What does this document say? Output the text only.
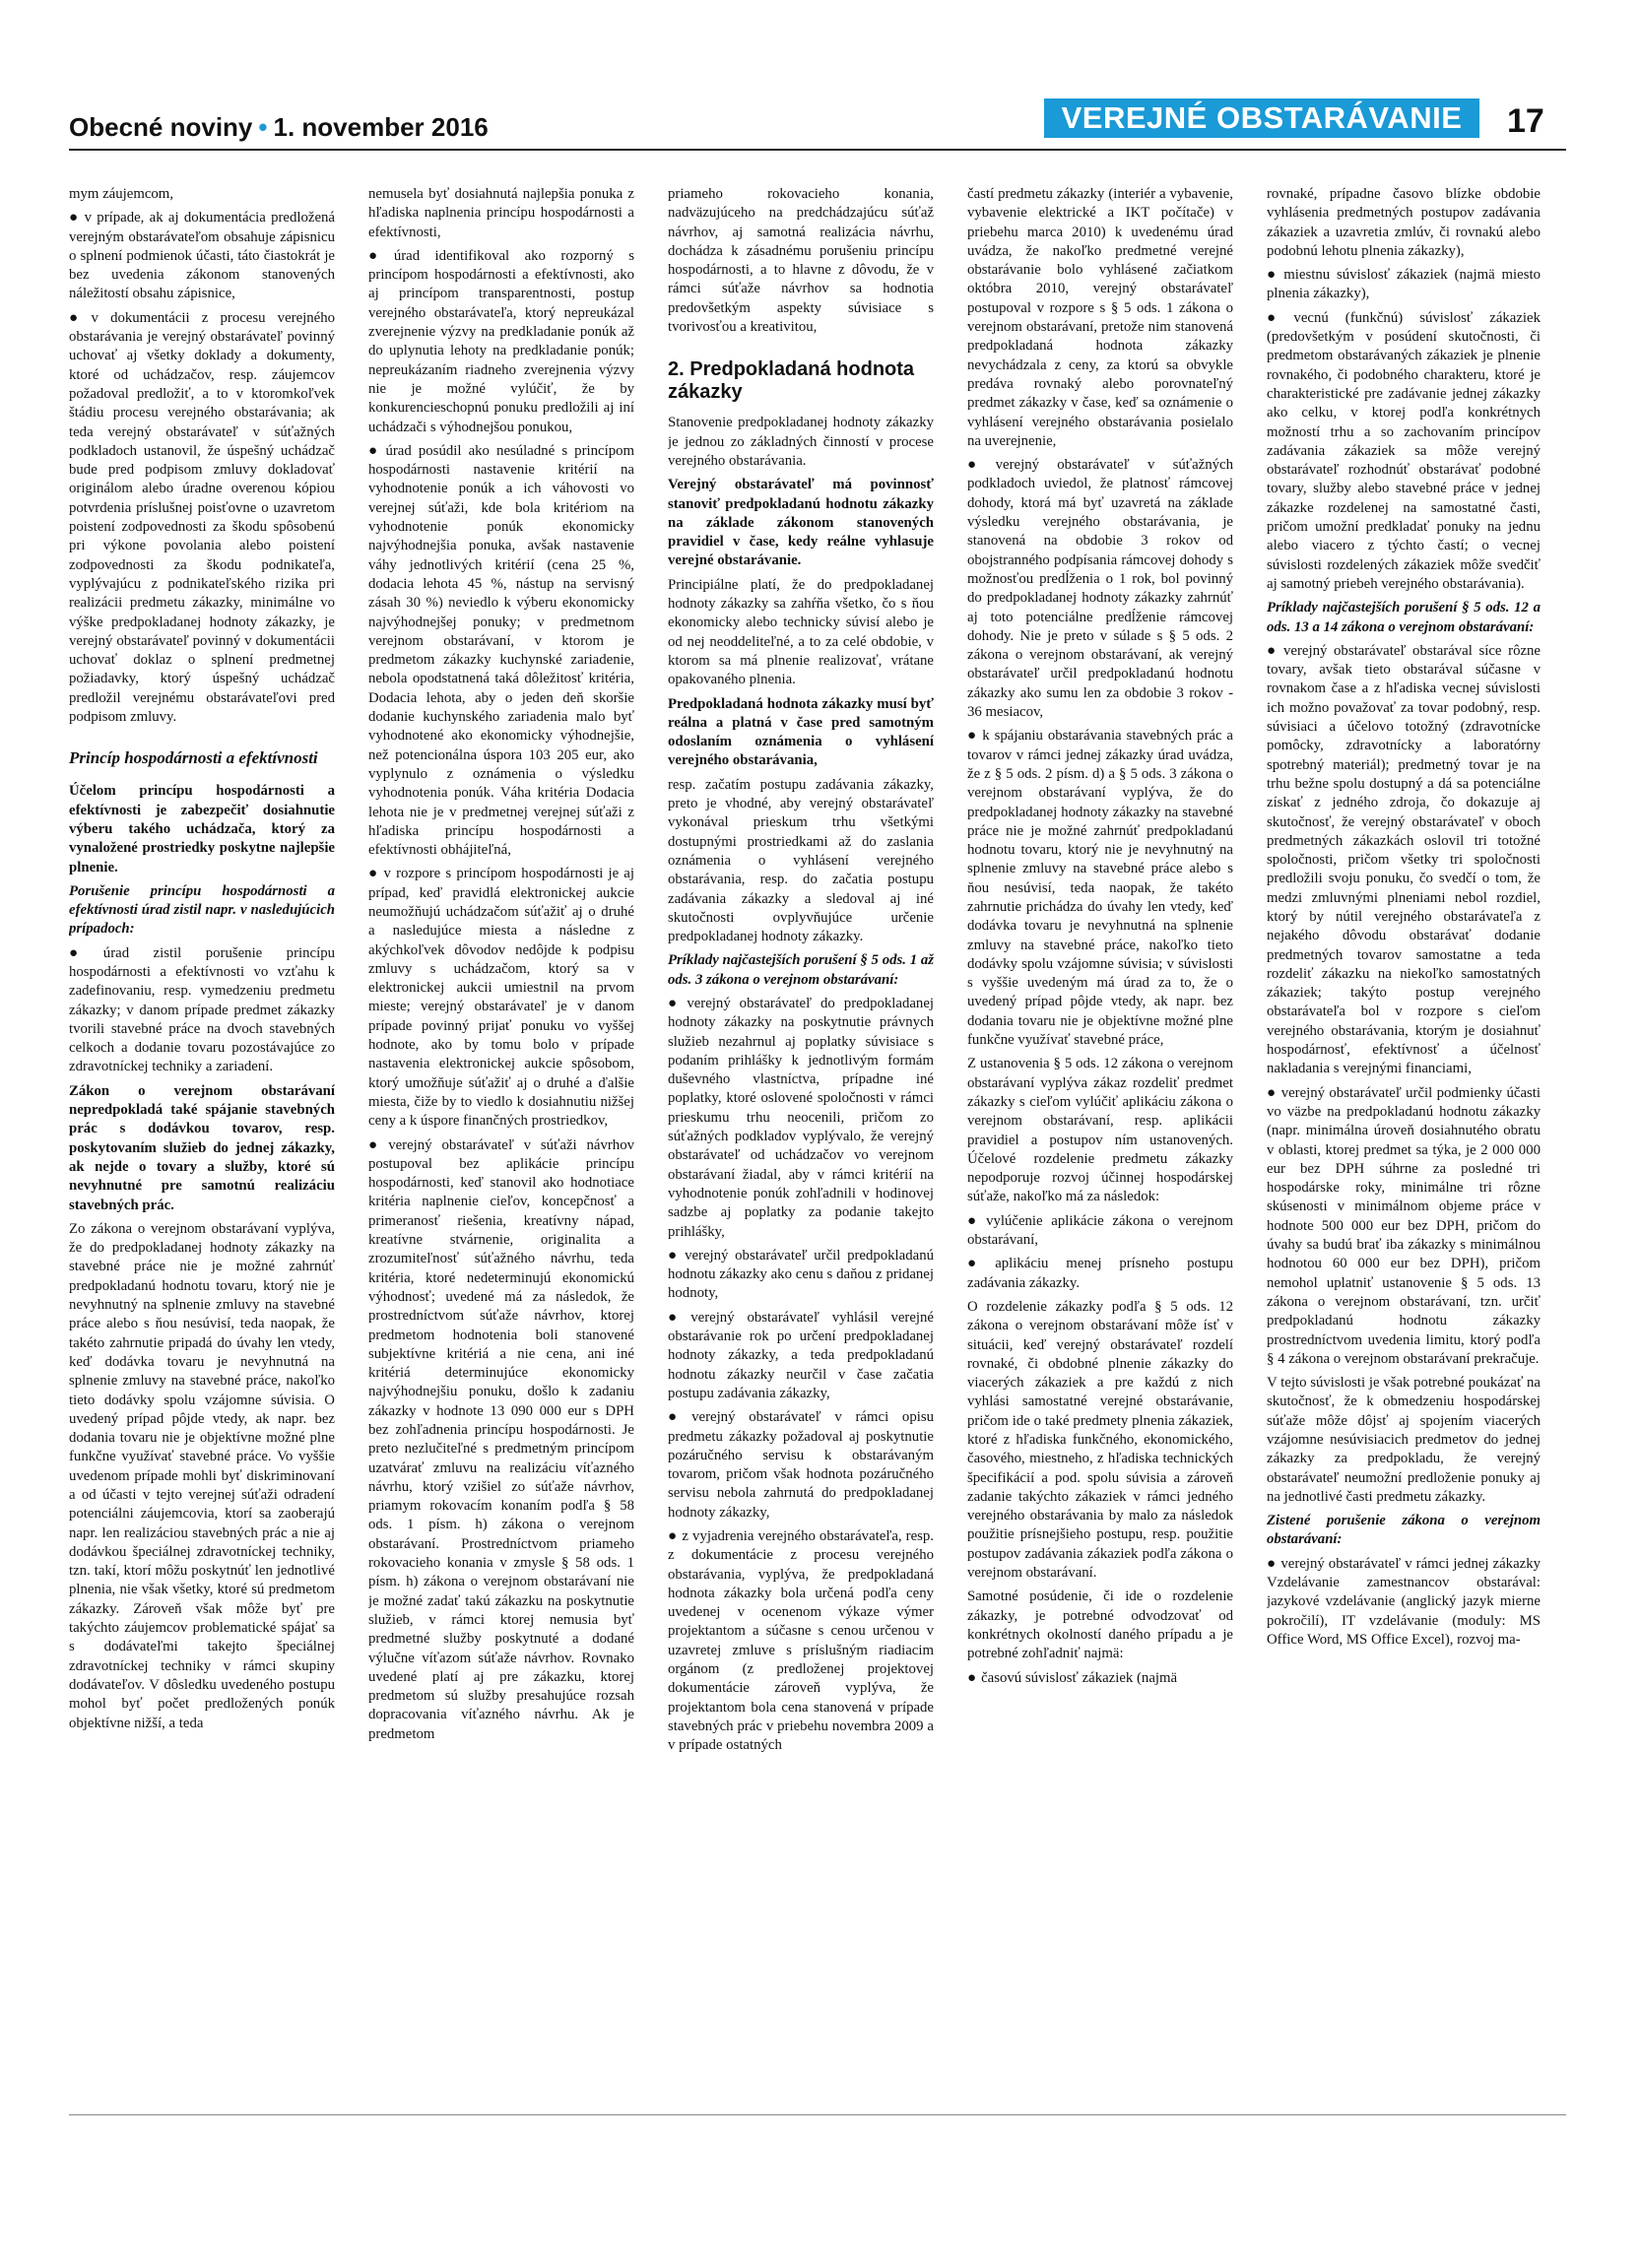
Obecné noviny • 1. november 2016	VEREJNÉ OBSTARÁVANIE	17

mym záujemcom,

● v prípade, ak aj dokumentácia predložená verejným obstarávateľom obsahuje zápisnicu o splnení podmienok účasti, táto čiastokrát je bez uvedenia zákonom stanovených náležitostí obsahu zápisnice,

● v dokumentácii z procesu verejného obstarávania je verejný obstarávateľ povinný uchovať aj všetky doklady a dokumenty, ktoré od uchádzačov, resp. záujemcov požadoval predložiť, a to v ktoromkoľvek štádiu procesu verejného obstarávania; ak teda verejný obstarávateľ v súťažných podkladoch ustanovil, že úspešný uchádzač bude pred podpisom zmluvy dokladovať originálom alebo úradne overenou kópiou potvrdenia príslušnej poisťovne o uzavretom poistení zodpovednosti za škodu spôsobenú pri výkone povolania alebo poistení zodpovednosti za škodu podnikateľa, vyplývajúcu z podnikateľského rizika pri realizácii predmetu zákazky, minimálne vo výške predpokladanej hodnoty zákazky, je verejný obstarávateľ povinný v dokumentácii uchovať doklaz o splnení predmetnej požiadavky, ktorý úspešný uchádzač predložil verejnému obstarávateľovi pred podpisom zmluvy.

Princíp hospodárnosti a efektívnosti

Účelom princípu hospodárnosti a efektívnosti je zabezpečiť dosiahnutie výberu takého uchádzača, ktorý za vynaložené prostriedky poskytne najlepšie plnenie.

Porušenie princípu hospodárnosti a efektívnosti úrad zistil napr. v nasledujúcich prípadoch:

● úrad zistil porušenie princípu hospodárnosti a efektívnosti vo vzťahu k zadefinovaniu, resp. vymedzeniu predmetu zákazky; v danom prípade predmet zákazky tvorili stavebné práce na dvoch stavebných celkoch a dodanie tovaru pozostávajúce zo zdravotníckej techniky a zariadení.

Zákon o verejnom obstarávaní nepredpokladá také spájanie stavebných prác s dodávkou tovarov, resp. poskytovaním služieb do jednej zákazky, ak nejde o tovary a služby, ktoré sú nevyhnutné pre samotnú realizáciu stavebných prác.

Zo zákona o verejnom obstarávaní vyplýva, že do predpokladanej hodnoty zákazky na stavebné práce nie je možné zahrnúť predpokladanú hodnotu tovaru, ktorý nie je nevyhnutný na splnenie zmluvy na stavebné práce alebo s ňou nesúvisí, teda naopak, že takéto zahrnutie pripadá do úvahy len vtedy, keď dodávka tovaru je nevyhnutná na splnenie zmluvy na stavebné práce, nakoľko tieto dodávky spolu vzájomne súvisia. O uvedený prípad pôjde vtedy, ak napr. bez dodania tovaru nie je objektívne možné plne funkčne využívať stavebné práce. Vo vyššie uvedenom prípade mohli byť diskriminovaní a od účasti v tejto verejnej súťaži odradení potenciálni záujemcovia, ktorí sa zaoberajú napr. len realizáciou stavebných prác a nie aj dodávkou špeciálnej zdravotníckej techniky, tzn. takí, ktorí môžu poskytnúť len jednotlivé plnenia, nie však všetky, ktoré sú predmetom zákazky. Zároveň však môže byť pre takýchto záujemcov problematické spájať sa s dodávateľmi takejto špeciálnej zdravotníckej techniky v rámci skupiny dodávateľov. V dôsledku uvedeného postupu mohol byť počet predložených ponúk objektívne nižší, a teda

nemusela byť dosiahnutá najlepšia ponuka z hľadiska naplnenia princípu hospodárnosti a efektívnosti,

● úrad identifikoval ako rozporný s princípom hospodárnosti a efektívnosti, ako aj princípom transparentnosti, postup verejného obstarávateľa, ktorý nepreukázal zverejnenie výzvy na predkladanie ponúk až do uplynutia lehoty na predkladanie ponúk; nepreukázaním riadneho zverejnenia výzvy nie je možné vylúčiť, že by konkurencieschopnú ponuku predložili aj iní uchádzači s výhodnejšou ponukou,

● úrad posúdil ako nesúladné s princípom hospodárnosti nastavenie kritérií na vyhodnotenie ponúk a ich váhovosti vo verejnej súťaži, kde bola kritériom na vyhodnotenie ponúk ekonomicky najvýhodnejšia ponuka, avšak nastavenie váhy jednotlivých kritérií (cena 25 %, dodacia lehota 45 %, nástup na servisný zásah 30 %) neviedlo k výberu ekonomicky najvýhodnejšej ponuky; v predmetnom verejnom obstarávaní, v ktorom je predmetom zákazky kuchynské zariadenie, nebola opodstatnená taká dôležitosť kritéria, Dodacia lehota, aby o jeden deň skoršie dodanie kuchynského zariadenia malo byť vyhodnotené ako ekonomicky výhodnejšie, než potencionálna úspora 103 205 eur, ako vyplynulo z oznámenia o výsledku vyhodnotenia ponúk. Váha kritéria Dodacia lehota nie je v predmetnej verejnej súťaži z hľadiska princípu hospodárnosti a efektívnosti obhájiteľná,

● v rozpore s princípom hospodárnosti je aj prípad, keď pravidlá elektronickej aukcie neumožňujú uchádzačom súťažiť aj o druhé a nasledujúce miesta a následne z akýchkoľvek dôvodov nedôjde k podpisu zmluvy s uchádzačom, ktorý sa v elektronickej aukcii umiestnil na prvom mieste; verejný obstarávateľ je v danom prípade povinný prijať ponuku vo vyššej hodnote, ako by tomu bolo v prípade nastavenia elektronickej aukcie spôsobom, ktorý umožňuje súťažiť aj o druhé a ďalšie miesta, čiže by to viedlo k dosiahnutiu nižšej ceny a k úspore finančných prostriedkov,

● verejný obstarávateľ v súťaži návrhov postupoval bez aplikácie princípu hospodárnosti, keď stanovil ako hodnotiace kritéria naplnenie cieľov, koncepčnosť a primeranosť riešenia, kreatívny nápad, kreatívne stvárnenie, originalita a zrozumiteľnosť súťažného návrhu, teda kritéria, ktoré nedeterminujú ekonomickú výhodnosť; uvedené má za následok, že prostredníctvom súťaže návrhov, ktorej predmetom hodnotenia boli stanovené subjektívne kritériá a nie cena, ani iné kritériá determinujúce ekonomicky najvýhodnejšiu ponuku, došlo k zadaniu zákazky v hodnote 13 090 000 eur s DPH bez zohľadnenia princípu hospodárnosti. Je preto nezlučiteľné s predmetným princípom uzatvárať zmluvu na realizáciu víťazného návrhu, ktorý vzišiel zo súťaže návrhov, priamym rokovacím konaním podľa § 58 ods. 1 písm. h) zákona o verejnom obstarávaní. Prostredníctvom priameho rokovacieho konania v zmysle § 58 ods. 1 písm. h) zákona o verejnom obstarávaní nie je možné zadať takú zákazku na poskytnutie služieb, v rámci ktorej nemusia byť predmetné služby poskytnuté a dodané výlučne víťazom súťaže návrhov. Rovnako uvedené platí aj pre zákazku, ktorej predmetom sú služby presahujúce rozsah dopracovania víťazného návrhu. Ak je predmetom

priameho rokovacieho konania, nadväzujúceho na predchádzajúcu súťaž návrhov, aj samotná realizácia návrhu, dochádza k zásadnému porušeniu princípu hospodárnosti, a to hlavne z dôvodu, že v rámci súťaže návrhov sa hodnotia predovšetkým aspekty súvisiace s tvorivosťou a kreativitou,

2. Predpokladaná hodnota zákazky

Stanovenie predpokladanej hodnoty zákazky je jednou zo základných činností v procese verejného obstarávania.

Verejný obstarávateľ má povinnosť stanoviť predpokladanú hodnotu zákazky na základe zákonom stanovených pravidiel v čase, kedy reálne vyhlasuje verejné obstarávanie.

Principiálne platí, že do predpokladanej hodnoty zákazky sa zahŕňa všetko, čo s ňou ekonomicky alebo technicky súvisí alebo je od nej neoddeliteľné, a to za celé obdobie, v ktorom sa má plnenie realizovať, vrátane opakovaného plnenia.

Predpokladaná hodnota zákazky musí byť reálna a platná v čase pred samotným odoslaním oznámenia o vyhlásení verejného obstarávania,

resp. začatím postupu zadávania zákazky, preto je vhodné, aby verejný obstarávateľ vykonával prieskum trhu všetkými dostupnými prostriedkami až do zaslania oznámenia o vyhlásení verejného obstarávania, resp. do začatia postupu zadávania zákazky a sledoval aj iné skutočnosti ovplyvňujúce určenie predpokladanej hodnoty zákazky.

Príklady najčastejších porušení § 5 ods. 1 až ods. 3 zákona o verejnom obstarávaní:

● verejný obstarávateľ do predpokladanej hodnoty zákazky na poskytnutie právnych služieb nezahrnul aj poplatky súvisiace s podaním prihlášky k jednotlivým formám duševného vlastníctva, prípadne iné poplatky, ktoré oslovené spoločnosti v rámci prieskumu trhu neocenili, pričom zo súťažných podkladov vyplývalo, že verejný obstarávateľ od uchádzačov vo verejnom obstarávaní žiadal, aby v rámci kritérií na vyhodnotenie ponúk zohľadnili v hodinovej sadzbe aj poplatky za podanie takejto prihlášky,

● verejný obstarávateľ určil predpokladanú hodnotu zákazky ako cenu s daňou z pridanej hodnoty,

● verejný obstarávateľ vyhlásil verejné obstarávanie rok po určení predpokladanej hodnoty zákazky, a teda predpokladanú hodnotu zákazky neurčil v čase začatia postupu zadávania zákazky,

● verejný obstarávateľ v rámci opisu predmetu zákazky požadoval aj poskytnutie pozáručného servisu k obstarávaným tovarom, pričom však hodnota pozáručného servisu nebola zahrnutá do predpokladanej hodnoty zákazky,

● z vyjadrenia verejného obstarávateľa, resp. z dokumentácie z procesu verejného obstarávania, vyplýva, že predpokladaná hodnota zákazky bola určená podľa ceny uvedenej v ocenenom výkaze výmer projektantom a súčasne s cenou určenou v uzavretej zmluve s príslušným riadiacim orgánom (z predloženej projektovej dokumentácie zároveň vyplýva, že projektantom bola cena stanovená v prípade stavebných prác v priebehu novembra 2009 a v prípade ostatných

častí predmetu zákazky (interiér a vybavenie, vybavenie elektrické a IKT počítače) v priebehu marca 2010) k uvedenému úrad uvádza, že nakoľko predmetné verejné obstarávanie bolo vyhlásené začiatkom októbra 2010, verejný obstarávateľ postupoval v rozpore s § 5 ods. 1 zákona o verejnom obstarávaní, pretože nim stanovená predpokladaná hodnota zákazky nevychádzala z ceny, za ktorú sa obvykle predáva rovnaký alebo porovnateľný predmet zákazky v čase, keď sa oznámenie o vyhlásení verejného obstarávania posielalo na uverejnenie,

● verejný obstarávateľ v súťažných podkladoch uviedol, že platnosť rámcovej dohody, ktorá má byť uzavretá na základe výsledku verejného obstarávania, je stanovená na obdobie 3 rokov od obojstranného podpísania rámcovej dohody s možnosťou predĺženia o 1 rok, bol povinný do predpokladanej hodnoty zákazky zahrnúť aj toto potenciálne predĺženie rámcovej dohody. Nie je preto v súlade s § 5 ods. 2 zákona o verejnom obstarávaní, ak verejný obstarávateľ určil predpokladanú hodnotu zákazky ako sumu len za obdobie 3 rokov - 36 mesiacov,

● k spájaniu obstarávania stavebných prác a tovarov v rámci jednej zákazky úrad uvádza, že z § 5 ods. 2 písm. d) a § 5 ods. 3 zákona o verejnom obstarávaní vyplýva, že do predpokladanej hodnoty zákazky na stavebné práce nie je možné zahrnúť predpokladanú hodnotu tovaru, ktorý nie je nevyhnutný na splnenie zmluvy na stavebné práce alebo s ňou nesúvisí, teda naopak, že takéto zahrnutie prichádza do úvahy len vtedy, keď dodávka tovaru je nevyhnutná na splnenie zmluvy na stavebné práce, nakoľko tieto dodávky spolu vzájomne súvisia; v súvislosti s vyššie uvedeným má úrad za to, že o uvedený prípad pôjde vtedy, ak napr. bez dodania tovaru nie je objektívne možné plne funkčne využívať stavebné práce,

Z ustanovenia § 5 ods. 12 zákona o verejnom obstarávaní vyplýva zákaz rozdeliť predmet zákazky s cieľom vylúčiť aplikáciu zákona o verejnom obstarávaní, resp. aplikácii pravidiel a postupov ním ustanovených. Účelové rozdelenie predmetu zákazky nepodporuje rozvoj účinnej hospodárskej súťaže, nakoľko má za následok:

● vylúčenie aplikácie zákona o verejnom obstarávaní,

● aplikáciu menej prísneho postupu zadávania zákazky.

O rozdelenie zákazky podľa § 5 ods. 12 zákona o verejnom obstarávaní môže ísť v situácii, keď verejný obstarávateľ rozdelí rovnaké, či obdobné plnenie zákazky do viacerých zákaziek a pre každú z nich vyhlási samostatné verejné obstarávanie, pričom ide o také predmety plnenia zákaziek, ktoré z hľadiska funkčného, ekonomického, časového, miestneho, z hľadiska technických špecifikácií a pod. spolu súvisia a zároveň zadanie takýchto zákaziek v rámci jedného verejného obstarávania by malo za následok použitie prísnejšieho postupu, resp. použitie postupov zadávania zákaziek podľa zákona o verejnom obstarávaní.

Samotné posúdenie, či ide o rozdelenie zákazky, je potrebné odvodzovať od konkrétnych okolností daného prípadu a je potrebné zohľadniť najmä:

● časovú súvislosť zákaziek (najmä

rovnaké, prípadne časovo blízke obdobie vyhlásenia predmetných postupov zadávania zákaziek a uzavretia zmlúv, či rovnakú alebo podobnú lehotu plnenia zákazky),

● miestnu súvislosť zákaziek (najmä miesto plnenia zákazky),

● vecnú (funkčnú) súvislosť zákaziek (predovšetkým v posúdení skutočnosti, či predmetom obstarávaných zákaziek je plnenie rovnakého, či podobného charakteru, ktoré je charakteristické pre zadávanie jednej zákazky ako celku, v ktorej podľa konkrétnych možností trhu a so zachovaním princípov zadávania zákaziek sa môže verejný obstarávateľ rozhodnúť obstarávať podobné tovary, služby alebo stavebné práce v jednej zákazke rozdelenej na samostatné časti, pričom umožní predkladať ponuky na jednu alebo viacero z týchto častí; o vecnej súvislosti rozdelených zákaziek môže svedčiť aj samotný priebeh verejného obstarávania).

Príklady najčastejších porušení § 5 ods. 12 a ods. 13 a 14 zákona o verejnom obstarávaní:

● verejný obstarávateľ obstarával síce rôzne tovary, avšak tieto obstarával súčasne v rovnakom čase a z hľadiska vecnej súvislosti ich možno považovať za tovar podobný, resp. súvisiaci a účelovo totožný (zdravotnícke pomôcky, zdravotnícky a laboratórny spotrebný materiál); predmetný tovar je na trhu bežne spolu dostupný a dá sa potenciálne získať z jedného zdroja, čo dokazuje aj skutočnosť, že verejný obstarávateľ v oboch predmetných zákazkách oslovil tri totožné spoločnosti, pričom všetky tri spoločnosti predložili svoju ponuku, čo svedčí o tom, že medzi zmluvnými plneniami nebol rozdiel, ktorý by nútil verejného obstarávateľa z nejakého dôvodu obstarávať dodanie predmetných tovarov samostatne a teda rozdeliť zákazku na niekoľko samostatných zákaziek; takýto postup verejného obstarávateľa bol v rozpore s cieľom verejného obstarávania, ktorým je dosiahnuť hospodárnosť, efektívnosť a účelnosť nakladania s verejnými financiami,

● verejný obstarávateľ určil podmienky účasti vo väzbe na predpokladanú hodnotu zákazky (napr. minimálna úroveň dosiahnutého obratu v oblasti, ktorej predmet sa týka, je 2 000 000 eur bez DPH súhrne za posledné tri hospodárske roky, minimálne tri rôzne skúsenosti v minimálnom objeme práce v hodnote 500 000 eur bez DPH, pričom do úvahy sa budú brať iba zákazky s minimálnou hodnotou 60 000 eur bez DPH), pričom nemohol uplatniť ustanovenie § 5 ods. 13 zákona o verejnom obstarávaní, tzn. určiť predpokladanú hodnotu zákazky prostredníctvom uvedenia limitu, ktorý podľa § 4 zákona o verejnom obstarávaní prekračuje.

V tejto súvislosti je však potrebné poukázať na skutočnosť, že k obmedzeniu hospodárskej súťaže môže dôjsť aj spojením viacerých vzájomne nesúvisiacich predmetov do jednej zákazky za predpokladu, že verejný obstarávateľ neumožní predloženie ponuky aj na jednotlivé časti predmetu zákazky.

Zistené porušenie zákona o verejnom obstarávaní:

● verejný obstarávateľ v rámci jednej zákazky Vzdelávanie zamestnancov obstarával: jazykové vzdelávanie (anglický jazyk mierne pokročilí), IT vzdelávanie (moduly: MS Office Word, MS Office Excel), rozvoj ma-
